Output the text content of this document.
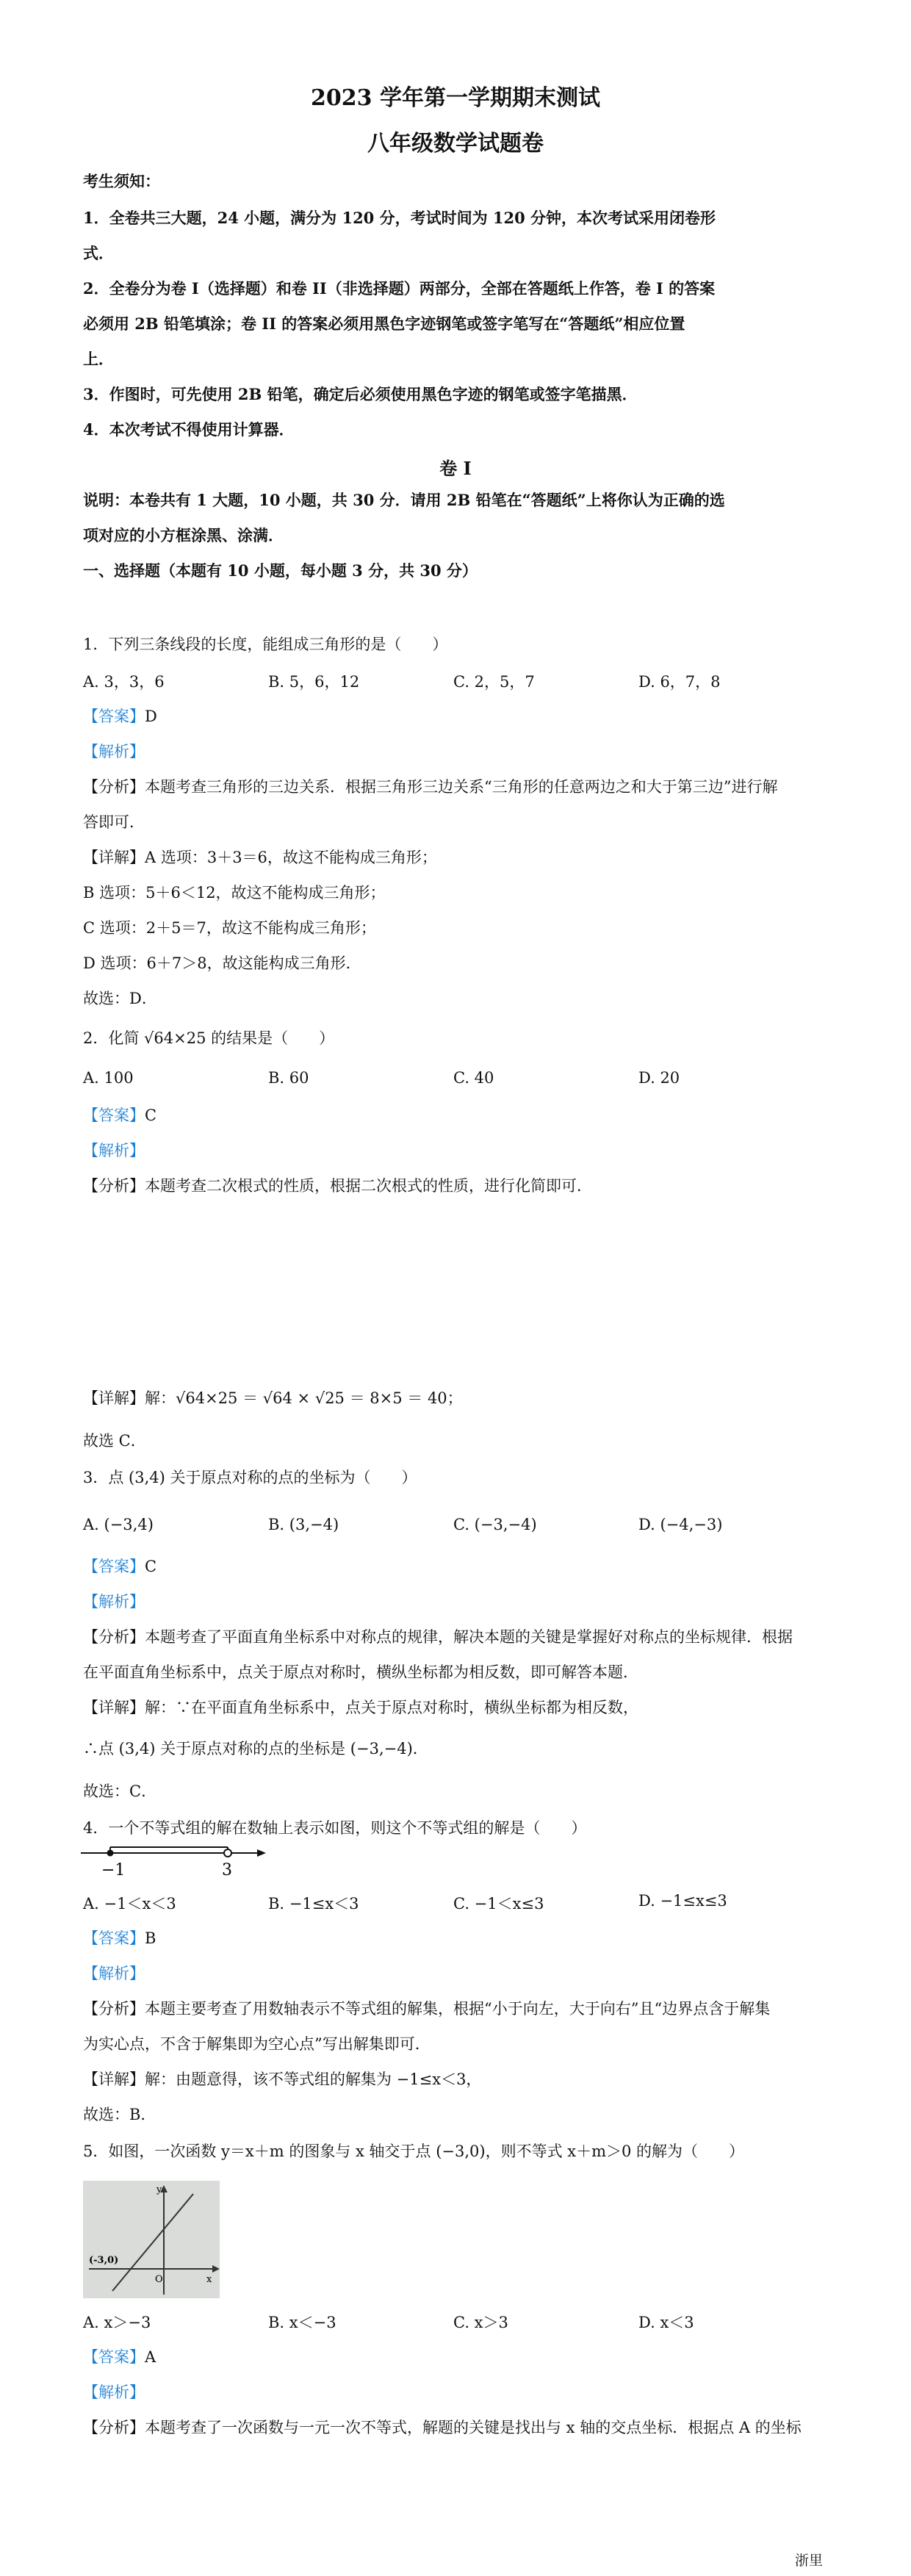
2023 学年第一学期期末测试
八年级数学试题卷
考生须知：
1．全卷共三大题，24 小题，满分为 120 分，考试时间为 120 分钟，本次考试采用闭卷形
式．
2．全卷分为卷 I（选择题）和卷 II（非选择题）两部分，全部在答题纸上作答，卷 I 的答案
必须用 2B 铅笔填涂；卷 II 的答案必须用黑色字迹钢笔或签字笔写在“答题纸”相应位置
上．
3．作图时，可先使用 2B 铅笔，确定后必须使用黑色字迹的钢笔或签字笔描黑．
4．本次考试不得使用计算器．
卷 I
说明：本卷共有 1 大题，10 小题，共 30 分．请用 2B 铅笔在“答题纸”上将你认为正确的选
项对应的小方框涂黑、涂满．
一、选择题（本题有 10 小题，每小题 3 分，共 30 分）
1．下列三条线段的长度，能组成三角形的是（　　）
A. 3，3，6	B. 5，6，12	C. 2，5，7	D. 6，7，8
【答案】D
【解析】
【分析】本题考查三角形的三边关系．根据三角形三边关系“三角形的任意两边之和大于第三边”进行解
答即可．
【详解】A 选项：3＋3＝6，故这不能构成三角形；
B 选项：5＋6＜12，故这不能构成三角形；
C 选项：2＋5＝7，故这不能构成三角形；
D 选项：6＋7＞8，故这能构成三角形．
故选：D．
2．化简 √64×25 的结果是（　　）
A. 100	B. 60	C. 40	D. 20
【答案】C
【解析】
【分析】本题考查二次根式的性质，根据二次根式的性质，进行化简即可．
【详解】解：√64×25 ＝ √64 × √25 ＝ 8×5 ＝ 40；
故选 C．
3．点 (3,4) 关于原点对称的点的坐标为（　　）
A. (−3,4)	B. (3,−4)	C. (−3,−4)	D. (−4,−3)
【答案】C
【解析】
【分析】本题考查了平面直角坐标系中对称点的规律，解决本题的关键是掌握好对称点的坐标规律．根据
在平面直角坐标系中，点关于原点对称时，横纵坐标都为相反数，即可解答本题．
【详解】解：∵在平面直角坐标系中，点关于原点对称时，横纵坐标都为相反数，
∴点 (3,4) 关于原点对称的点的坐标是 (−3,−4)．
故选：C．
4．一个不等式组的解在数轴上表示如图，则这个不等式组的解是（　　）
−1	3
A. −1＜x＜3	B. −1≤x＜3	C. −1＜x≤3	D. −1≤x≤3
【答案】B
【解析】
【分析】本题主要考查了用数轴表示不等式组的解集，根据“小于向左，大于向右”且“边界点含于解集
为实心点，不含于解集即为空心点”写出解集即可．
【详解】解：由题意得，该不等式组的解集为 −1≤x＜3，
故选：B．
5．如图，一次函数 y＝x＋m 的图象与 x 轴交于点 (−3,0)，则不等式 x＋m＞0 的解为（　　）
y
(-3,0)
O	x
A. x＞−3	B. x＜−3	C. x＞3	D. x＜3
【答案】A
【解析】
【分析】本题考查了一次函数与一元一次不等式，解题的关键是找出与 x 轴的交点坐标．根据点 A 的坐标
浙里
